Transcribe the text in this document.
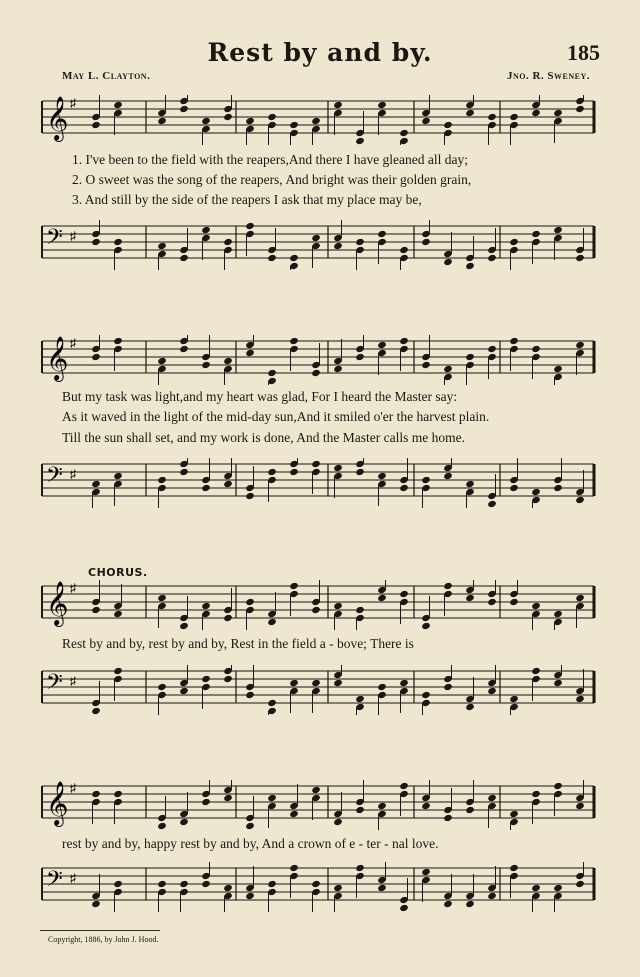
Rest by and by.	185
May L. Clayton.	Jno. R. Sweney.
𝄞 ♯
1. I've been to the field with the reapers,And there I have gleaned all day;
2. O sweet was the song of the reapers, And bright was their golden grain,
3. And still by the side of the reapers I ask that my place may be,
𝄢 ♯
𝄞 ♯
But my task was light,and my heart was glad, For I heard the Master say:
As it waved in the light of the mid-day sun,And it smiled o'er the harvest plain.
Till the sun shall set, and my work is done, And the Master calls me home.
𝄢 ♯
CHORUS.
𝄞 ♯
Rest by and by, rest by and by, Rest in the field a - bove; There is
𝄢 ♯
𝄞 ♯
rest by and by, happy rest by and by, And a crown of e - ter - nal love.
𝄢 ♯
Copyright, 1886, by John J. Hood.
